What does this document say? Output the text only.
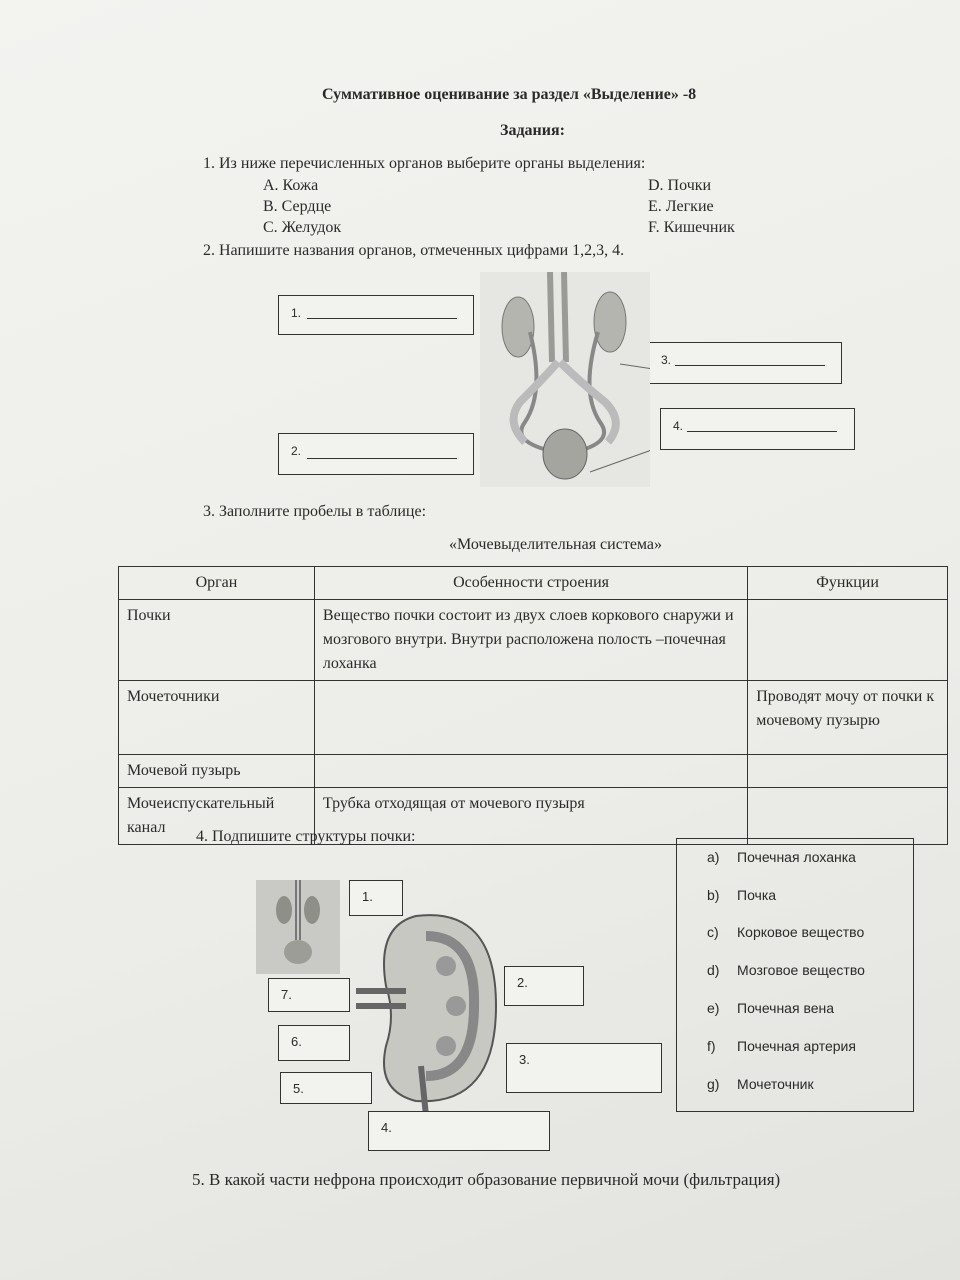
Суммативное оценивание за раздел «Выделение» -8
Задания:
1. Из ниже перечисленных органов выберите органы выделения:
A. Кожа
B. Сердце
C. Желудок
D. Почки
E. Легкие
F. Кишечник
2. Напишите названия органов, отмеченных цифрами 1,2,3, 4.
1.
2.
3.
4.
3. Заполните пробелы в таблице:
«Мочевыделительная система»
Орган	Особенности строения	Функции
Почки	Вещество почки состоит из двух слоев коркового снаружи и мозгового внутри. Внутри расположена полость –почечная лоханка	
Мочеточники		Проводят мочу от почки к мочевому пузырю
Мочевой пузырь		
Мочеиспускательный канал	Трубка отходящая от мочевого пузыря	
4. Подпишите структуры почки:
1.
2.
3.
4.
5.
6.
7.
a) Почечная лоханка
b) Почка
c) Корковое вещество
d) Мозговое вещество
e) Почечная вена
f) Почечная артерия
g) Мочеточник
5. В какой части нефрона происходит образование первичной мочи (фильтрация)
